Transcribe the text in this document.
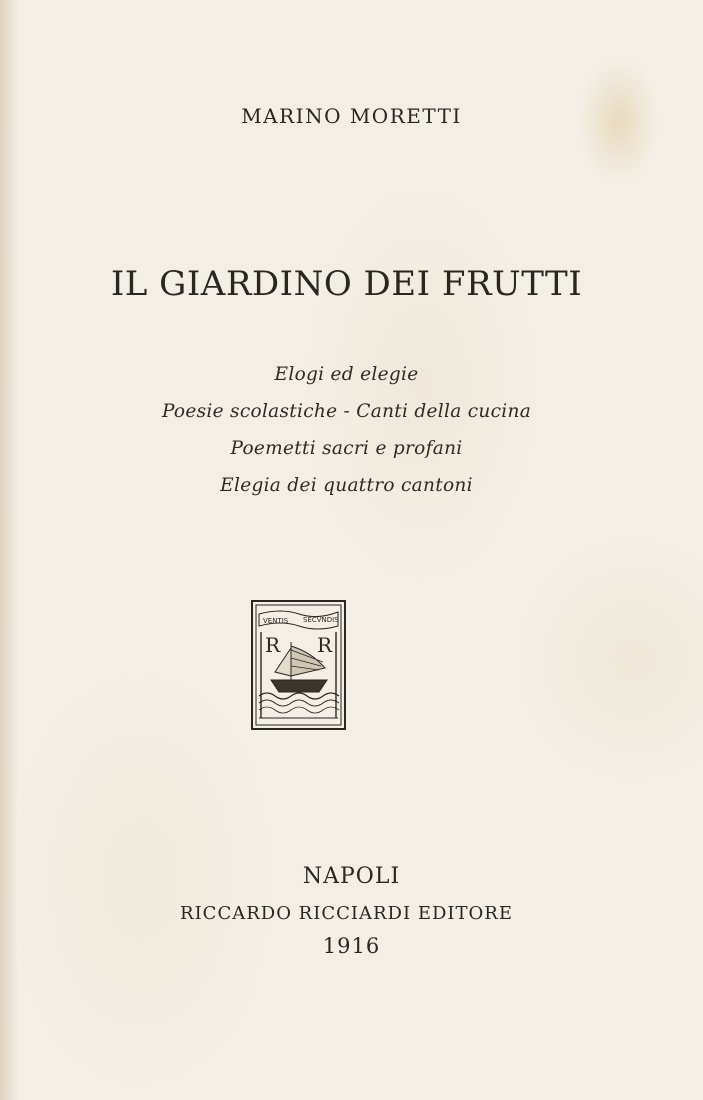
MARINO MORETTI
IL GIARDINO DEI FRUTTI
Elogi ed elegie
Poesie scolastiche - Canti della cucina
Poemetti sacri e profani
Elegia dei quattro cantoni
VENTIS SECVNDIS
R R
NAPOLI
RICCARDO RICCIARDI EDITORE
1916
